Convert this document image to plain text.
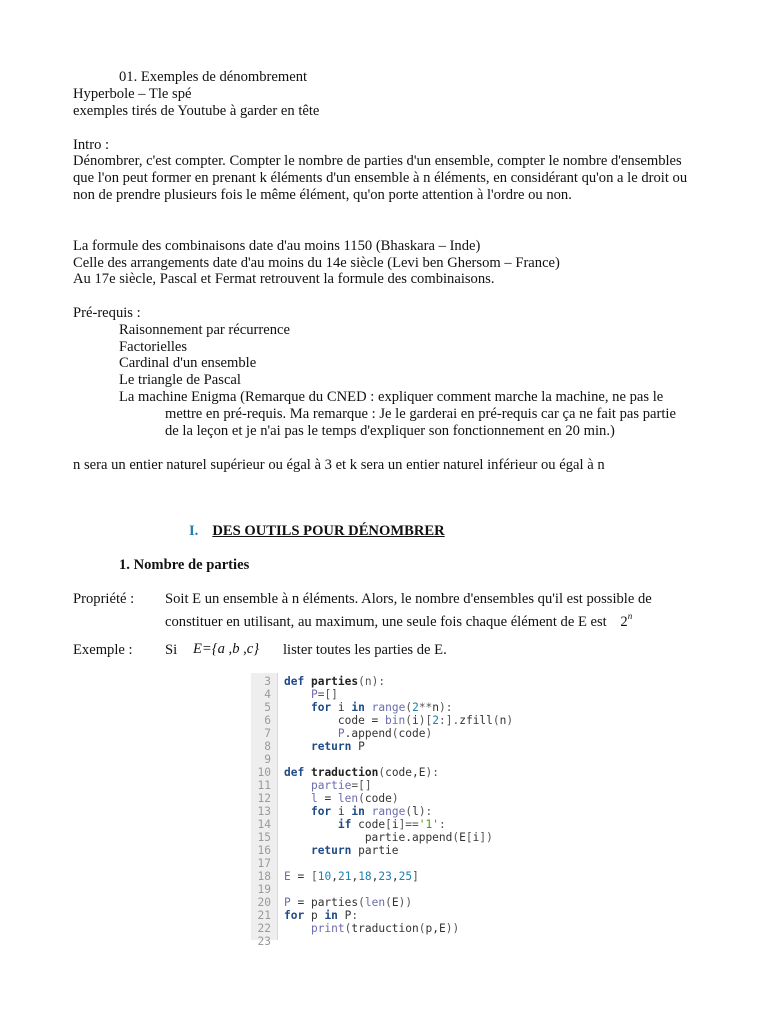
01. Exemples de dénombrement
Hyperbole – Tle spé
exemples tirés de Youtube à garder en tête
Intro :
Dénombrer, c'est compter. Compter le nombre de parties d'un ensemble, compter le nombre d'ensembles que l'on peut former en prenant k éléments d'un ensemble à n éléments, en considérant qu'on a le droit ou non de prendre plusieurs fois le même élément, qu'on porte attention à l'ordre ou non.
La formule des combinaisons date d'au moins 1150 (Bhaskara – Inde)
Celle des arrangements date d'au moins du 14e siècle (Levi ben Ghersom – France)
Au 17e siècle, Pascal et Fermat retrouvent la formule des combinaisons.
Pré-requis :
Raisonnement par récurrence
Factorielles
Cardinal d'un ensemble
Le triangle de Pascal

La machine Enigma (Remarque du CNED : expliquer comment marche la machine, ne pas le mettre en pré-requis. Ma remarque : Je le garderai en pré-requis car ça ne fait pas partie de la leçon et je n'ai pas le temps d'expliquer son fonctionnement en 20 min.)

n sera un entier naturel supérieur ou égal à 3 et k sera un entier naturel inférieur ou égal à n
I. DES OUTILS POUR DÉNOMBRER
1. Nombre de parties
Propriété : Soit E un ensemble à n éléments. Alors, le nombre d'ensembles qu'il est possible de constituer en utilisant, au maximum, une seule fois chaque élément de E est 2$^n$
Exemple : Si E={a ,b ,c} lister toutes les parties de E.
3
4
5
6
7
8
9
10
11
12
13
14
15
16
17
18
19
20
21
22
23
def parties(n):
P=[]
for i in range(2**n):
code = bin(i)[2:].zfill(n)
P.append(code)
return P
def traduction(code,E):
partie=[]
l = len(code)
for i in range(l):
if code[i]=='1':
partie.append(E[i])
return partie
E = [10,21,18,23,25]
P = parties(len(E))
for p in P:
print(traduction(p,E))
